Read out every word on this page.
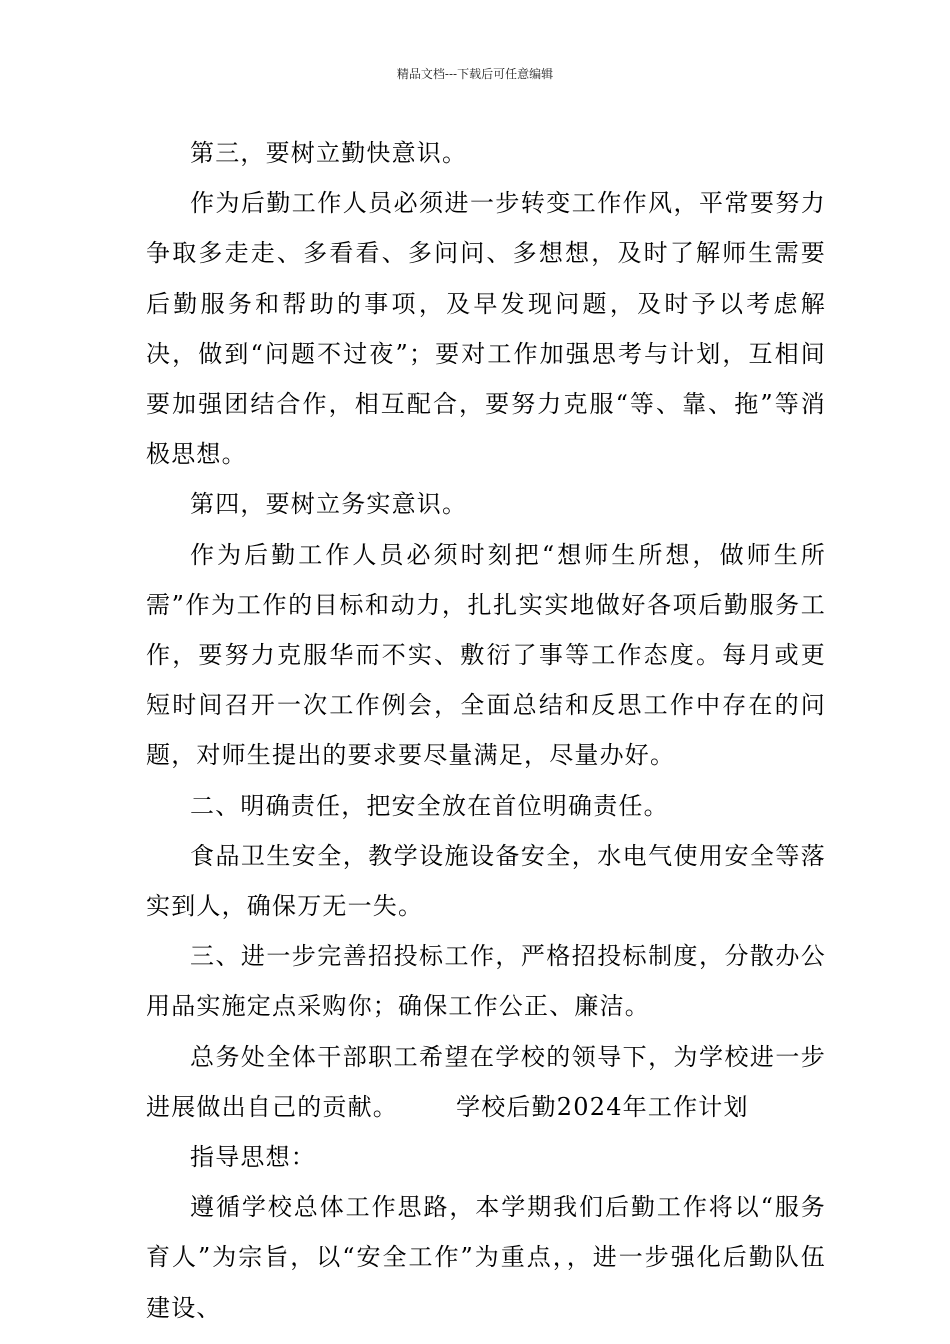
精品文档---下载后可任意编辑

第三，要树立勤快意识。

作为后勤工作人员必须进一步转变工作作风，平常要努力争取多走走、多看看、多问问、多想想，及时了解师生需要后勤服务和帮助的事项，及早发现问题，及时予以考虑解决，做到“问题不过夜”；要对工作加强思考与计划，互相间要加强团结合作，相互配合，要努力克服“等、靠、拖”等消极思想。

第四，要树立务实意识。

作为后勤工作人员必须时刻把“想师生所想，做师生所需”作为工作的目标和动力，扎扎实实地做好各项后勤服务工作，要努力克服华而不实、敷衍了事等工作态度。每月或更短时间召开一次工作例会，全面总结和反思工作中存在的问题，对师生提出的要求要尽量满足，尽量办好。

二、明确责任，把安全放在首位明确责任。

食品卫生安全，教学设施设备安全，水电气使用安全等落实到人，确保万无一失。

三、进一步完善招投标工作，严格招投标制度，分散办公用品实施定点采购你；确保工作公正、廉洁。

总务处全体干部职工希望在学校的领导下，为学校进一步进展做出自己的贡献。 学校后勤2024年工作计划

指导思想：

遵循学校总体工作思路，本学期我们后勤工作将以“服务育人”为宗旨，以“安全工作”为重点，，进一步强化后勤队伍建设、
